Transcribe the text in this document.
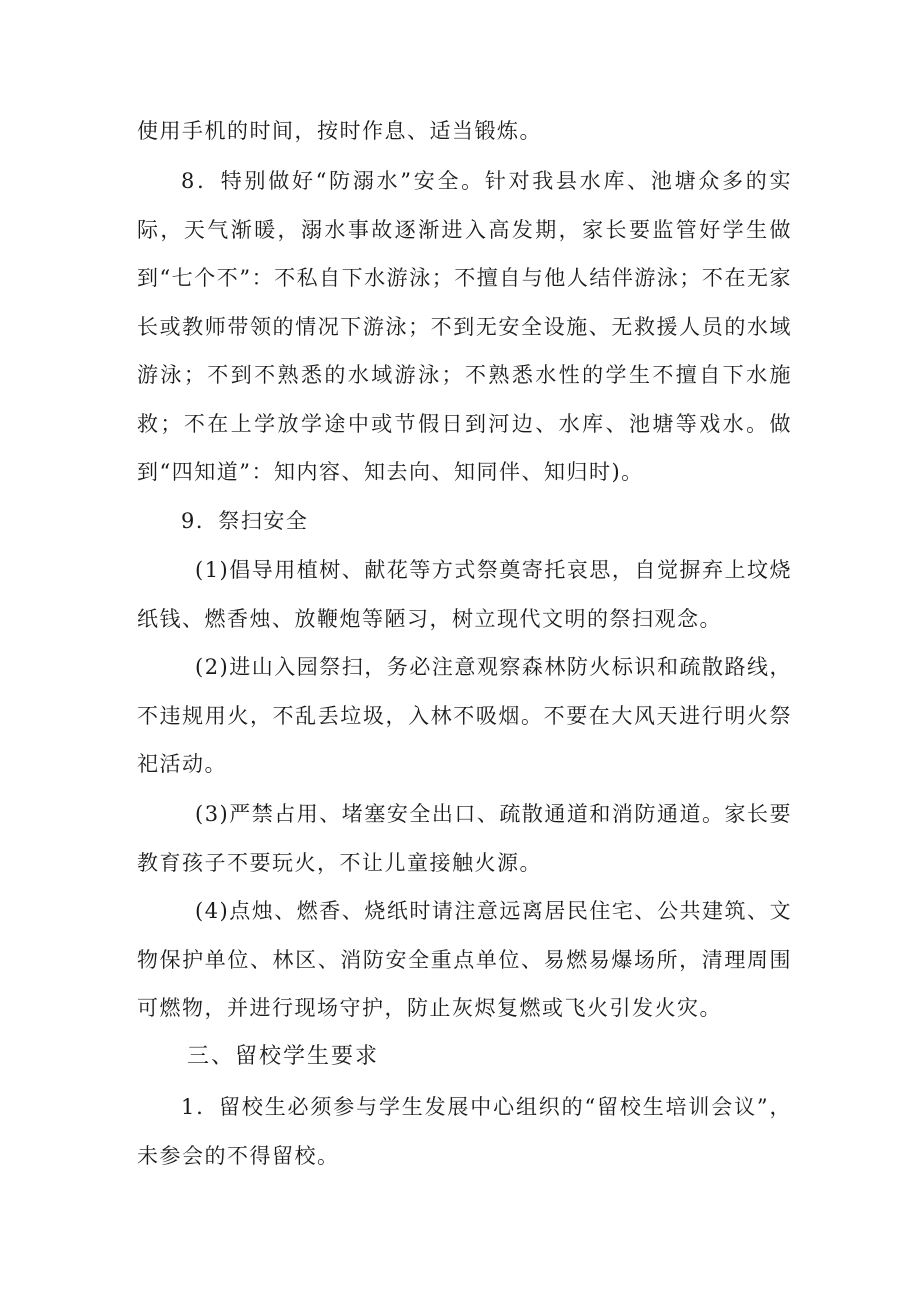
使用手机的时间，按时作息、适当锻炼。

8．特别做好“防溺水”安全。针对我县水库、池塘众多的实际，天气渐暖，溺水事故逐渐进入高发期，家长要监管好学生做到“七个不”：不私自下水游泳；不擅自与他人结伴游泳；不在无家长或教师带领的情况下游泳；不到无安全设施、无救援人员的水域游泳；不到不熟悉的水域游泳；不熟悉水性的学生不擅自下水施救；不在上学放学途中或节假日到河边、水库、池塘等戏水。做到“四知道”：知内容、知去向、知同伴、知归时)。

9．祭扫安全

(1)倡导用植树、献花等方式祭奠寄托哀思，自觉摒弃上坟烧纸钱、燃香烛、放鞭炮等陋习，树立现代文明的祭扫观念。

(2)进山入园祭扫，务必注意观察森林防火标识和疏散路线，不违规用火，不乱丢垃圾，入林不吸烟。不要在大风天进行明火祭祀活动。

(3)严禁占用、堵塞安全出口、疏散通道和消防通道。家长要教育孩子不要玩火，不让儿童接触火源。

(4)点烛、燃香、烧纸时请注意远离居民住宅、公共建筑、文物保护单位、林区、消防安全重点单位、易燃易爆场所，清理周围可燃物，并进行现场守护，防止灰烬复燃或飞火引发火灾。

三、留校学生要求

1．留校生必须参与学生发展中心组织的“留校生培训会议”，未参会的不得留校。
